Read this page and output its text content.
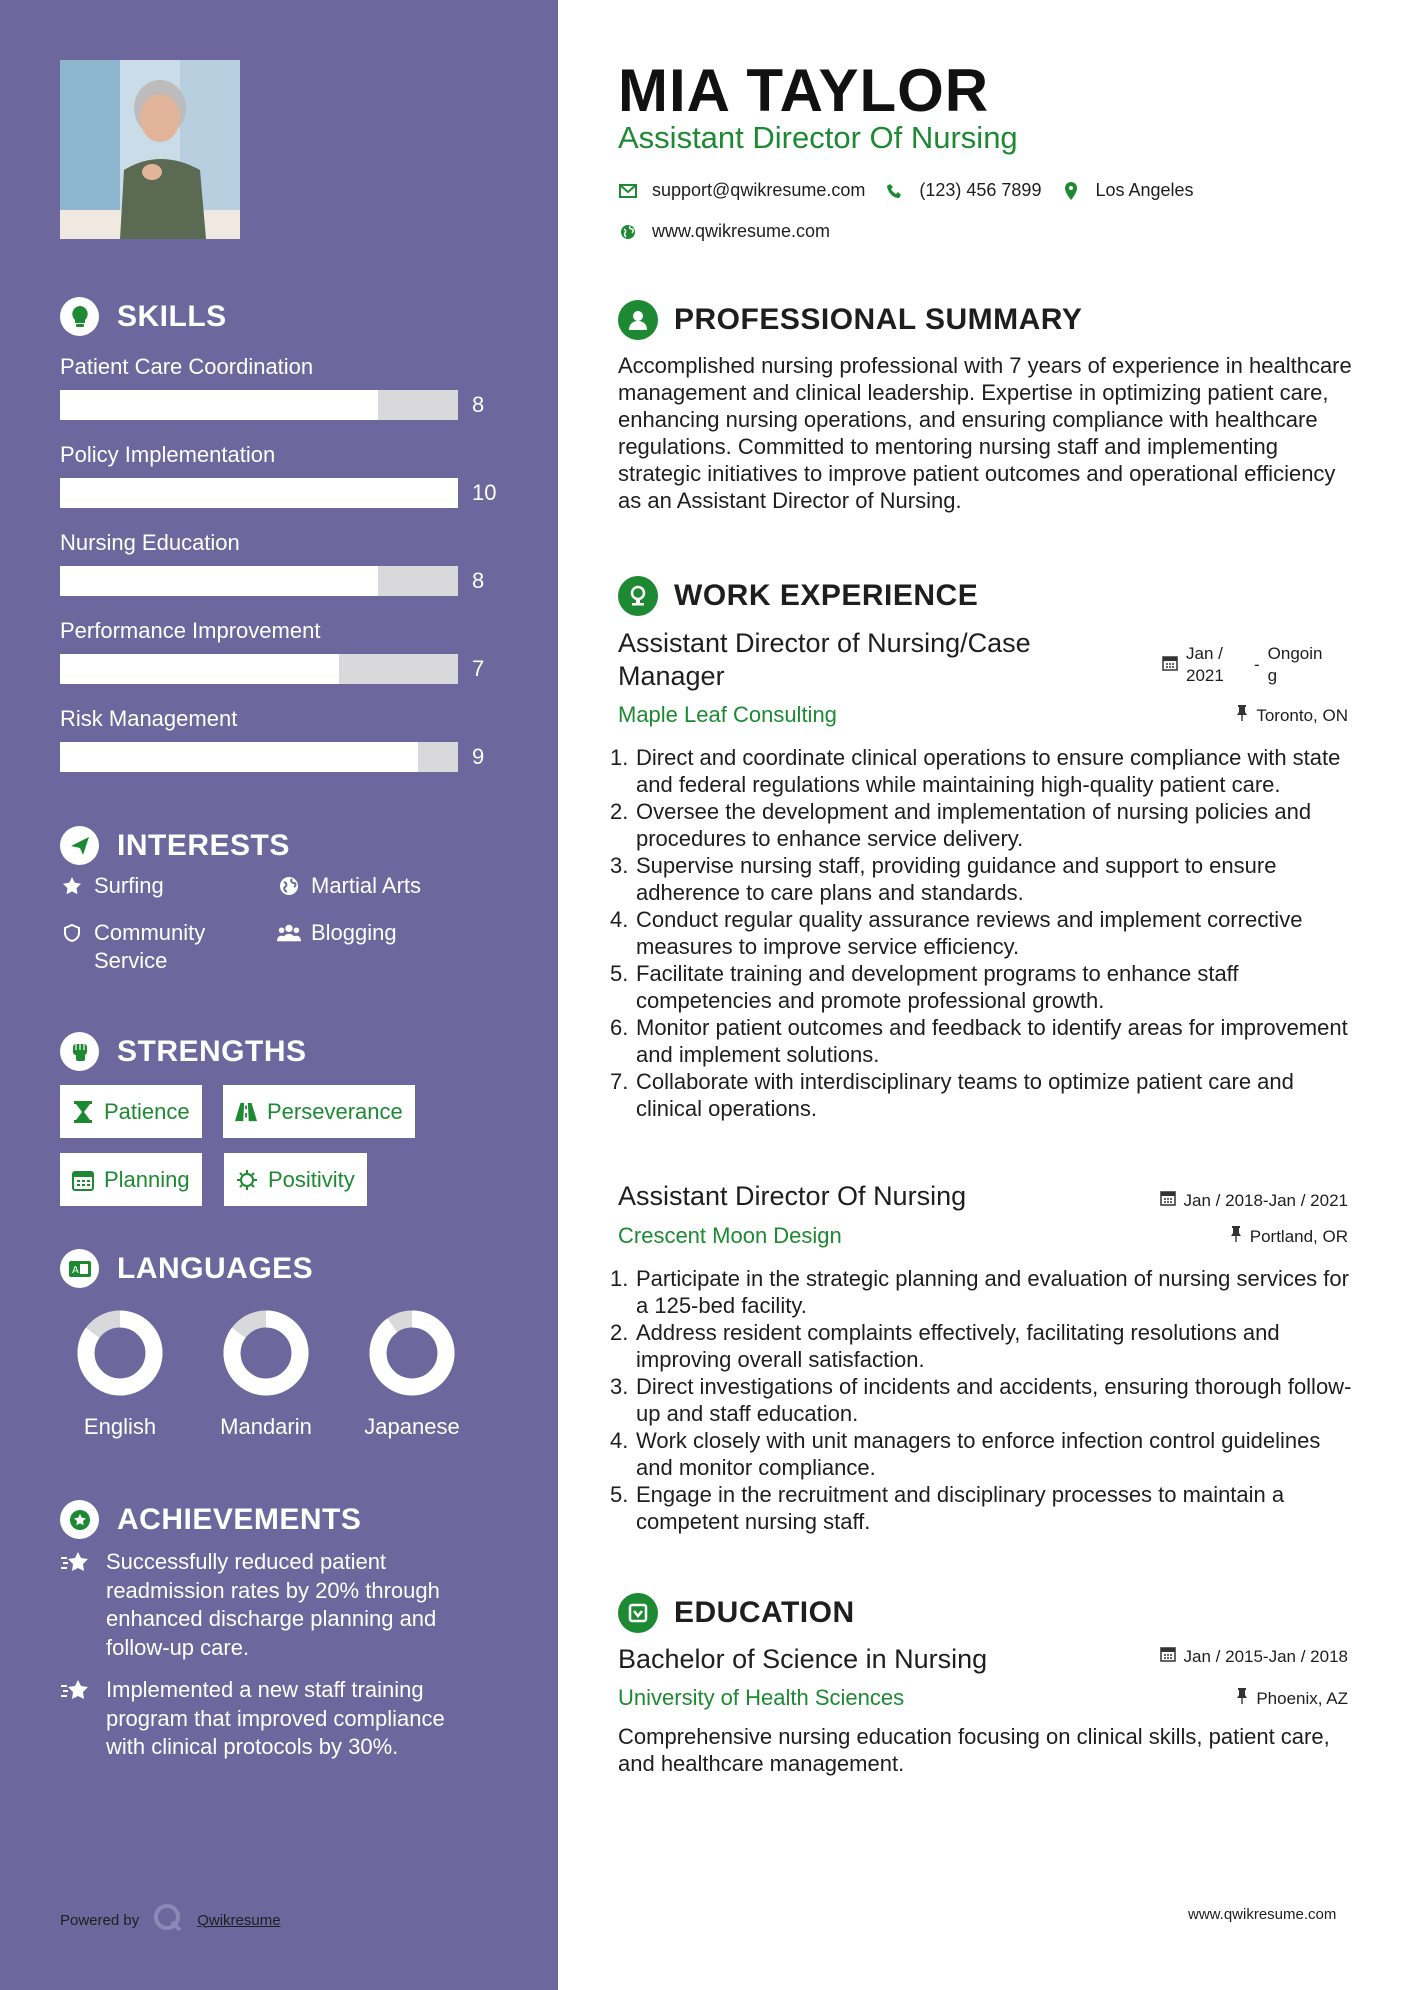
SKILLS
Patient Care Coordination
8
Policy Implementation
10
Nursing Education
8
Performance Improvement
7
Risk Management
9
INTERESTS
Surfing	Martial Arts
Community Service
Blogging
STRENGTHS
Patience	Perseverance
Planning	Positivity
A LANGUAGES
English	Mandarin	Japanese
ACHIEVEMENTS
Successfully reduced patient readmission rates by 20% through enhanced discharge planning and follow-up care.
Implemented a new staff training program that improved compliance with clinical protocols by 30%.
Powered by	Qwikresume
MIA TAYLOR
Assistant Director Of Nursing
support@qwikresume.com	(123) 456 7899	Los Angeles
www.qwikresume.com
PROFESSIONAL SUMMARY
Accomplished nursing professional with 7 years of experience in healthcare management and clinical leadership. Expertise in optimizing patient care, enhancing nursing operations, and ensuring compliance with healthcare regulations. Committed to mentoring nursing staff and implementing strategic initiatives to improve patient outcomes and operational efficiency as an Assistant Director of Nursing.
WORK EXPERIENCE
Assistant Director of Nursing/Case Manager
Jan / 2021
-
Ongoing
Maple Leaf Consulting	Toronto, ON
Direct and coordinate clinical operations to ensure compliance with state and federal regulations while maintaining high-quality patient care.
Oversee the development and implementation of nursing policies and procedures to enhance service delivery.
Supervise nursing staff, providing guidance and support to ensure adherence to care plans and standards.
Conduct regular quality assurance reviews and implement corrective measures to improve service efficiency.
Facilitate training and development programs to enhance staff competencies and promote professional growth.
Monitor patient outcomes and feedback to identify areas for improvement and implement solutions.
Collaborate with interdisciplinary teams to optimize patient care and clinical operations.
Assistant Director Of Nursing	Jan / 2018-Jan / 2021
Crescent Moon Design	Portland, OR
Participate in the strategic planning and evaluation of nursing services for a 125-bed facility.
Address resident complaints effectively, facilitating resolutions and improving overall satisfaction.
Direct investigations of incidents and accidents, ensuring thorough follow-up and staff education.
Work closely with unit managers to enforce infection control guidelines and monitor compliance.
Engage in the recruitment and disciplinary processes to maintain a competent nursing staff.
EDUCATION
Bachelor of Science in Nursing	Jan / 2015-Jan / 2018
University of Health Sciences	Phoenix, AZ
Comprehensive nursing education focusing on clinical skills, patient care, and healthcare management.
www.qwikresume.com
